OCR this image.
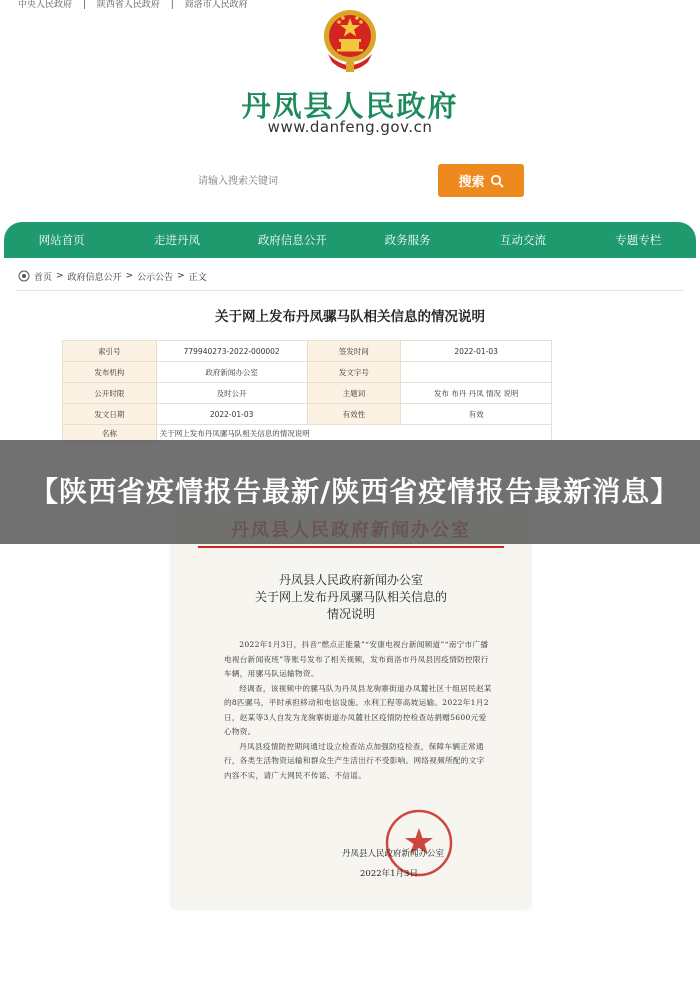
中央人民政府 | 陕西省人民政府 | 商洛市人民政府
丹凤县人民政府
www.danfeng.gov.cn
请输入搜索关键词
搜索
网站首页	走进丹凤	政府信息公开	政务服务	互动交流	专题专栏
首页 > 政府信息公开 > 公示公告 > 正文
关于网上发布丹凤骡马队相关信息的情况说明
索引号	779940273-2022-000002	签发时间	2022-01-03
发布机构	政府新闻办公室	发文字号	
公开时限	及时公开	主题词	发布 布丹 丹凤 情况 说明
发文日期	2022-01-03	有效性	有效
名称	关于网上发布丹凤骡马队相关信息的情况说明		
丹凤县人民政府新闻办公室
关于网上发布丹凤骡马队相关信息的
情况说明

2022年1月3日，抖音“燃点正能量”“安康电视台新闻频道”“南宁市广播电视台新闻夜班”等账号发布了相关视频，发布商洛市丹凤县因疫情防控限行车辆，用骡马队运输物资。

经调查，该视频中的骡马队为丹凤县龙驹寨街道办凤麓社区十组居民赵某的8匹骡马，平时承担移动和电信设施、水利工程等高坡运输。2022年1月2日，赵某等3人自发为龙驹寨街道办凤麓社区疫情防控检查站捐赠5600元爱心物资。

丹凤县疫情防控期间通过设立检查站点加强防疫检查，保障车辆正常通行，各类生活物资运输和群众生产生活出行不受影响。网络视频所配的文字内容不实，请广大网民不传谣、不信谣。

丹凤县人民政府新闻办公室
2022年1月3日
【陕西省疫情报告最新/陕西省疫情报告最新消息】
